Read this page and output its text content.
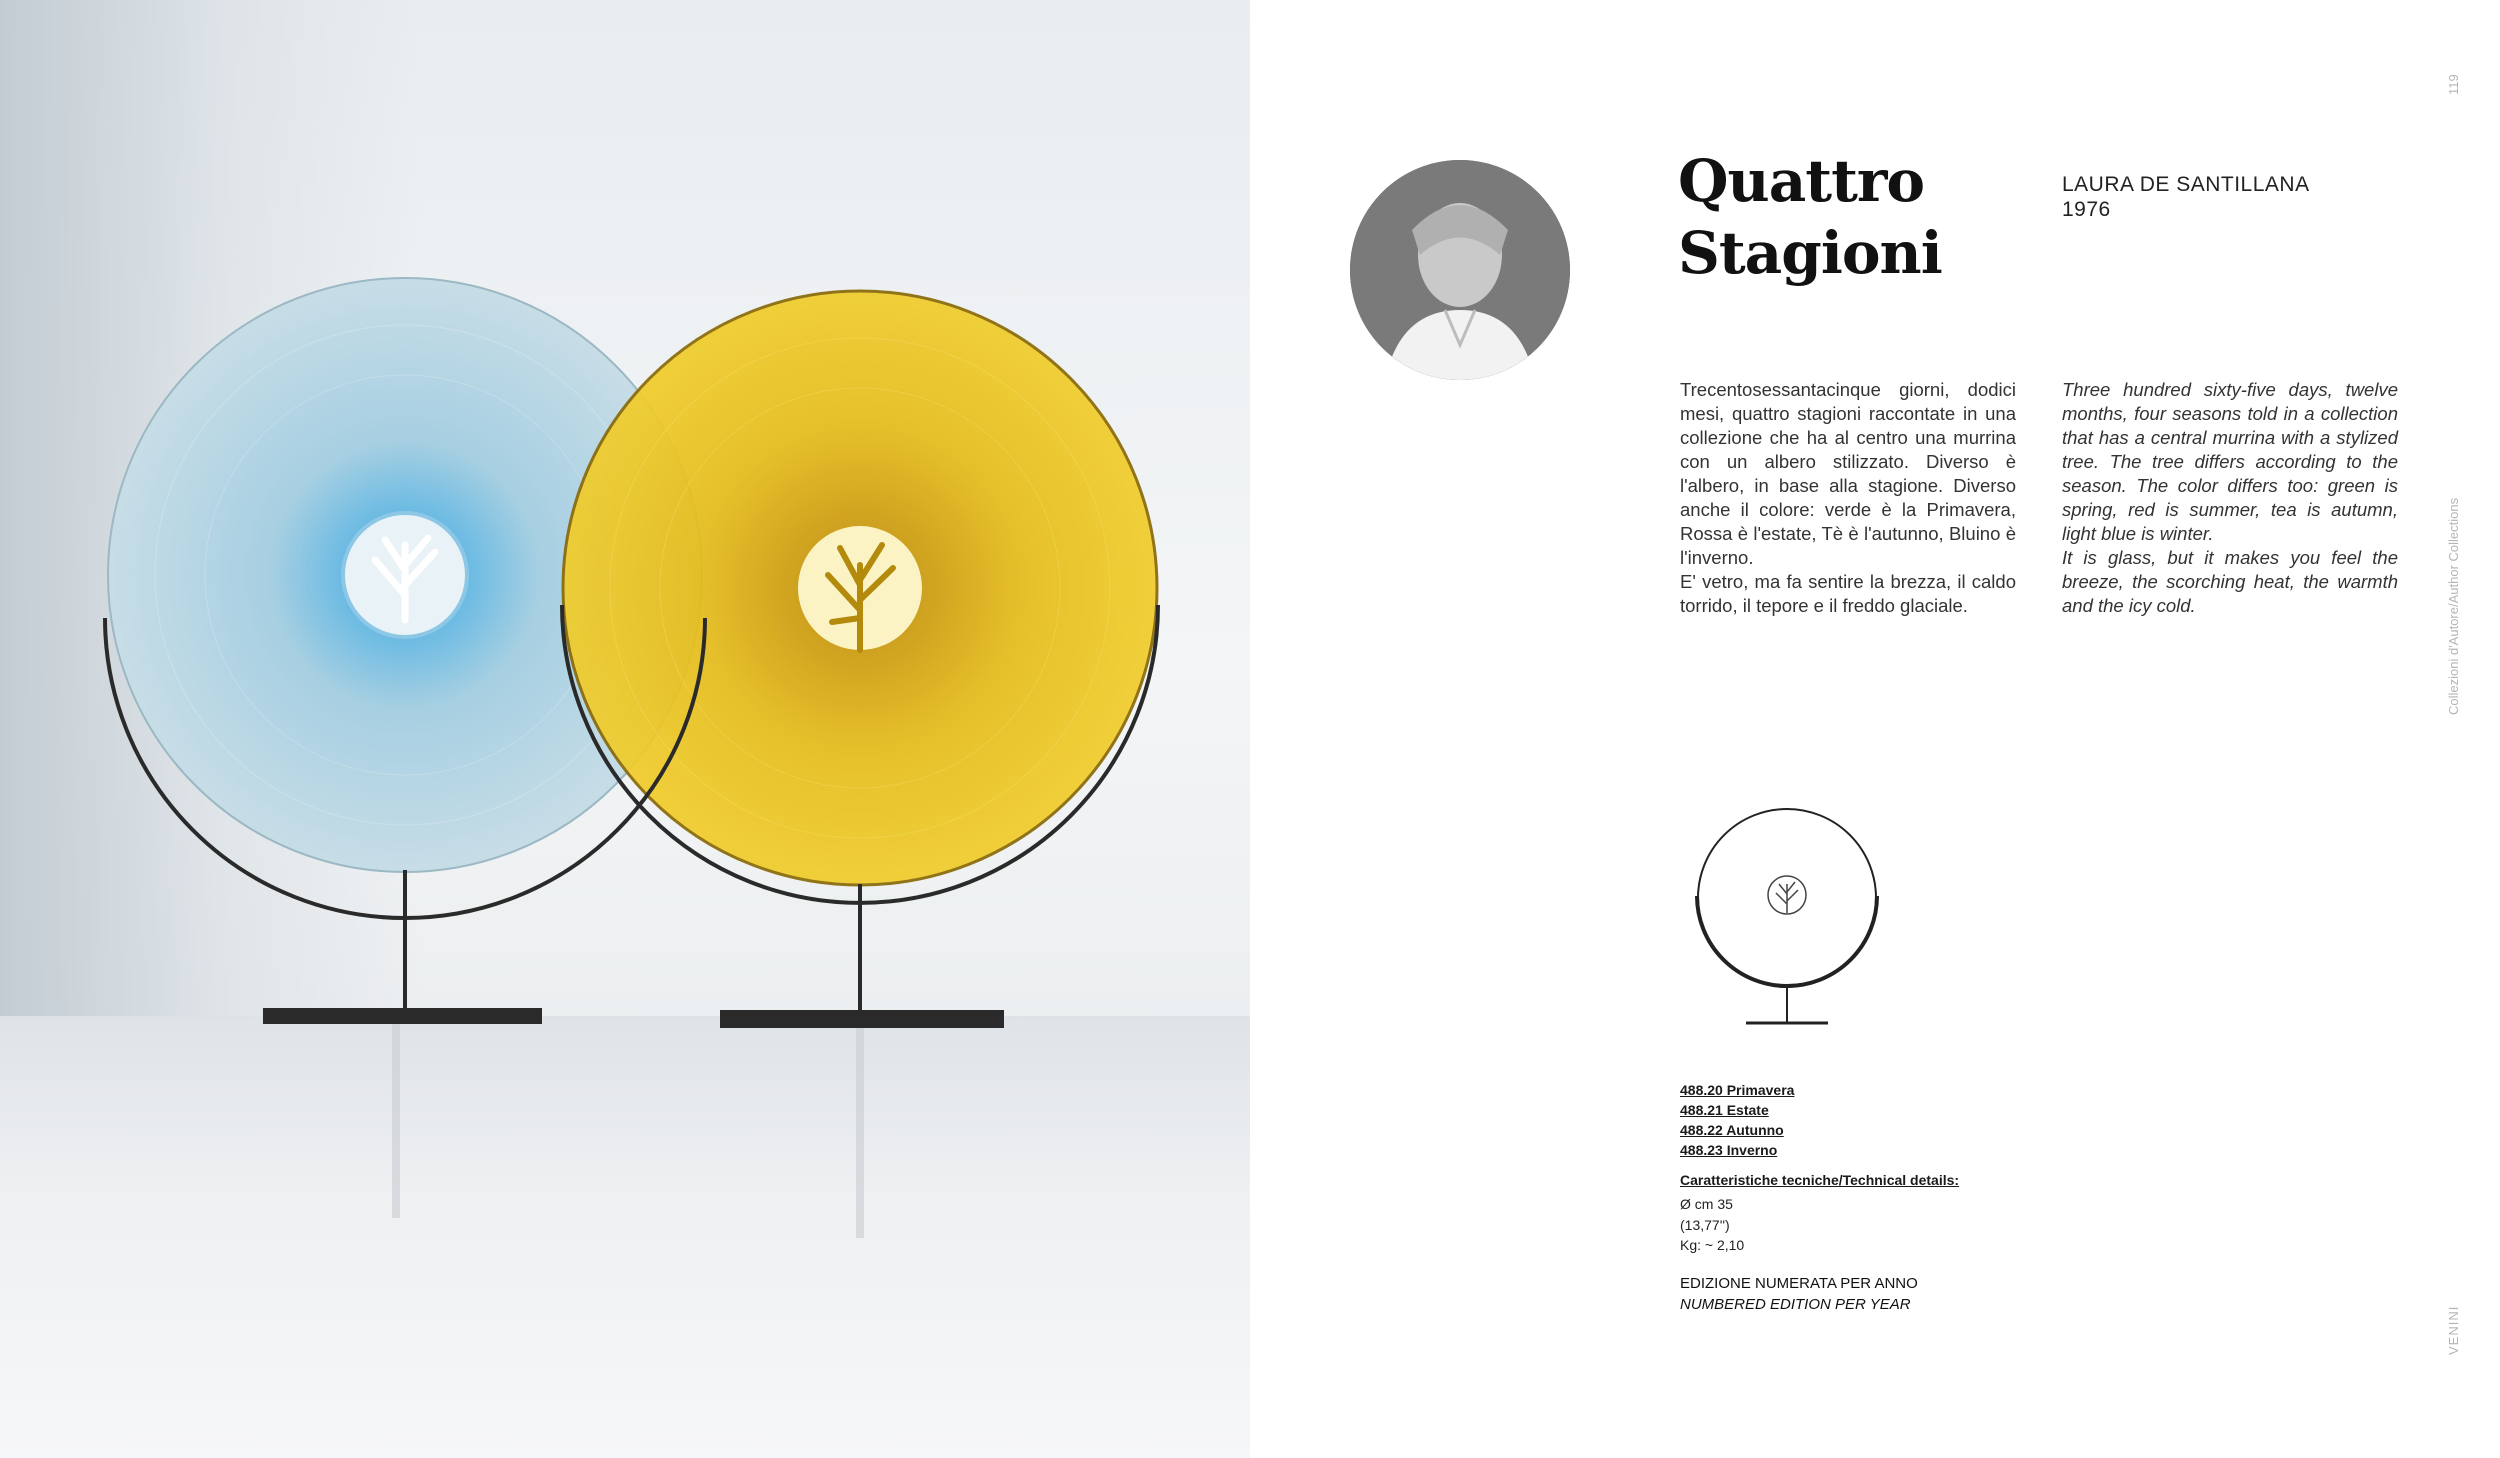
Quattro
Stagioni
LAURA DE SANTILLANA
1976

Trecentosessantacinque giorni, dodici mesi, quattro stagioni raccontate in una collezione che ha al centro una murrina con un albero stilizzato. Diverso è l'albero, in base alla stagione. Diverso anche il colore: verde è la Primavera, Rossa è l'estate, Tè è l'autunno, Bluino è l'inverno.

E' vetro, ma fa sentire la brezza, il caldo torrido, il tepore e il freddo glaciale.

Three hundred sixty-five days, twelve months, four seasons told in a collection that has a central murrina with a stylized tree. The tree differs according to the season. The color differs too: green is spring, red is summer, tea is autumn, light blue is winter.

It is glass, but it makes you feel the breeze, the scorching heat, the warmth and the icy cold.

488.20 Primavera
488.21 Estate
488.22 Autunno
488.23 Inverno
Caratteristiche tecniche/Technical details:
Ø cm 35
(13,77'')
Kg: ~ 2,10
EDIZIONE NUMERATA PER ANNO
NUMBERED EDITION PER YEAR
119
Collezioni d'Autore/Author Collections
VENINI
